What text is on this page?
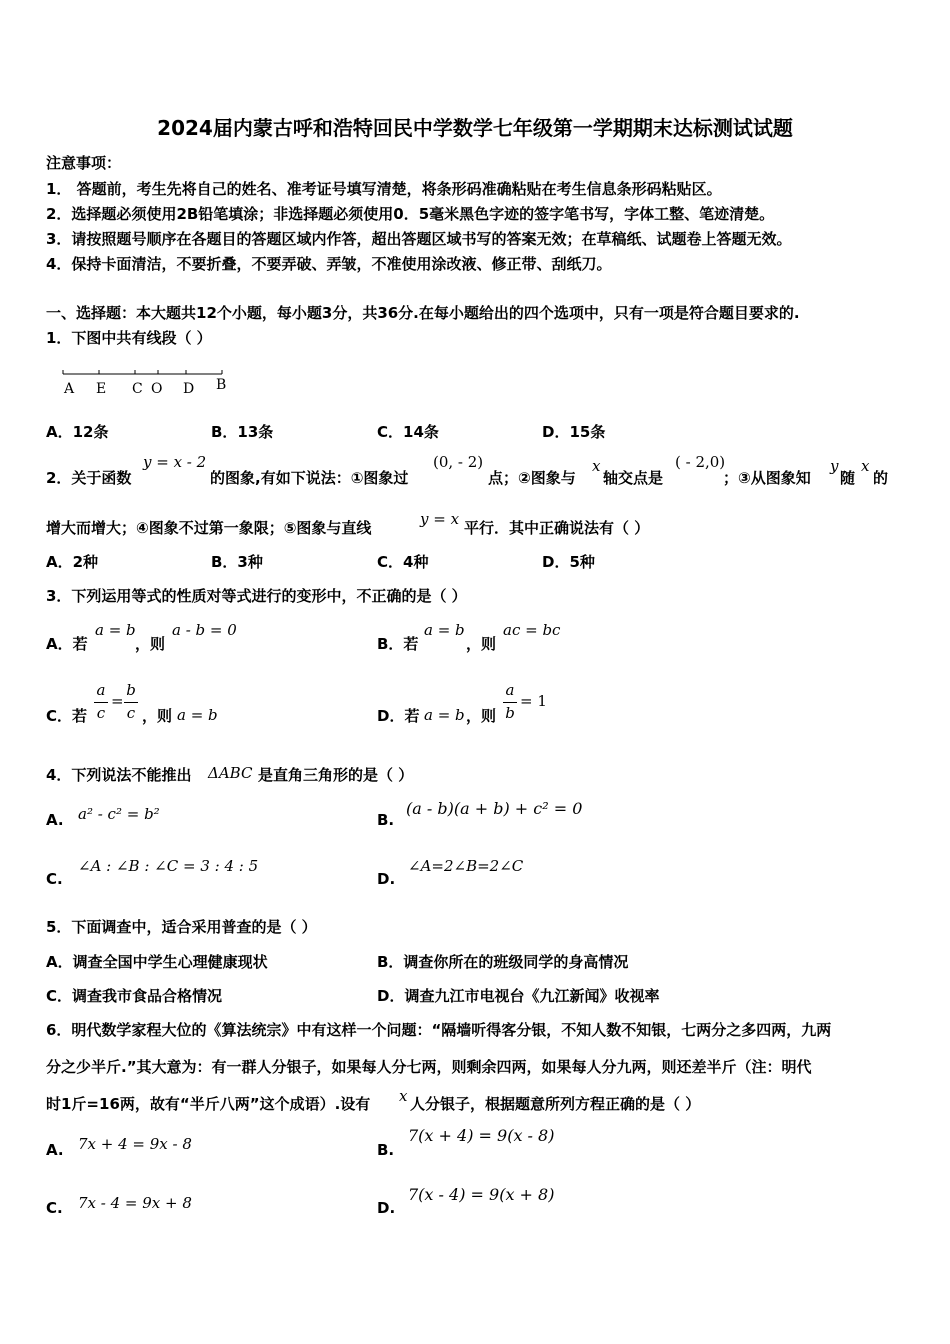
2024届内蒙古呼和浩特回民中学数学七年级第一学期期末达标测试试题
注意事项：
1． 答题前，考生先将自己的姓名、准考证号填写清楚，将条形码准确粘贴在考生信息条形码粘贴区。
2．选择题必须使用2B铅笔填涂；非选择题必须使用0．5毫米黑色字迹的签字笔书写，字体工整、笔迹清楚。
3．请按照题号顺序在各题目的答题区域内作答，超出答题区域书写的答案无效；在草稿纸、试题卷上答题无效。
4．保持卡面清洁，不要折叠，不要弄破、弄皱，不准使用涂改液、修正带、刮纸刀。
一、选择题：本大题共12个小题，每小题3分，共36分.在每小题给出的四个选项中，只有一项是符合题目要求的.
1．下图中共有线段（ ）
A E C O D B
A．12条	B．13条	C．14条	D．15条
2．关于函数
y = x - 2
的图象,有如下说法：①图象过
(0, - 2)
点；②图象与
x
轴交点是
( - 2,0)
；③从图象知
y
随
x
的
增大而增大；④图象不过第一象限；⑤图象与直线	y = x 平行．其中正确说法有（ ）
A．2种	B．3种	C．4种	D．5种
3．下列运用等式的性质对等式进行的变形中，不正确的是（ ）
A．若
a = b
，则
a - b = 0
B．若
a = b
，则
ac = bc
C．若
a
c
=
b
c ，则 a = b	D．若 a = b ，则
a
b
= 1
4．下列说法不能推出 ΔABC 是直角三角形的是（ ）
A. a² - c² = b²	B.
(a - b)(a + b) + c² = 0
C.
∠A : ∠B : ∠C = 3 : 4 : 5
D.
∠A=2∠B=2∠C
5．下面调查中，适合采用普查的是（ ）
A．调查全国中学生心理健康现状	B．调查你所在的班级同学的身高情况
C．调查我市食品合格情况	D．调查九江市电视台《九江新闻》收视率
6．明代数学家程大位的《算法统宗》中有这样一个问题：“隔墙听得客分银，不知人数不知银，七两分之多四两，九两
分之少半斤.”其大意为：有一群人分银子，如果每人分七两，则剩余四两，如果每人分九两，则还差半斤（注：明代
时1斤=16两，故有“半斤八两”这个成语）.设有 x 人分银子，根据题意所列方程正确的是（ ）
A. 7x + 4 = 9x - 8	B.
7(x + 4) = 9(x - 8)
C. 7x - 4 = 9x + 8	D.
7(x - 4) = 9(x + 8)
